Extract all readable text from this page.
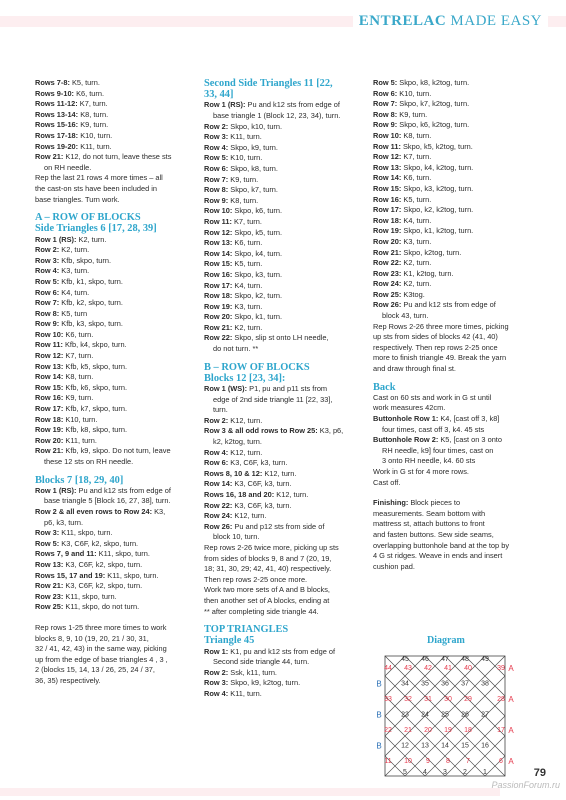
ENTRELAC MADE EASY
Rows 7-8: K5, turn.
Rows 9-10: K6, turn.
Rows 11-12: K7, turn.
Rows 13-14: K8, turn.
Rows 15-16: K9, turn.
Rows 17-18: K10, turn.
Rows 19-20: K11, turn.
Row 21: K12, do not turn, leave these sts
on RH needle.
Rep the last 21 rows 4 more times – all
the cast-on sts have been included in
base triangles. Turn work.
A – ROW OF BLOCKS
Side Triangles 6 [17, 28, 39]
Row 1 (RS): K2, turn.
Row 2: K2, turn.
Row 3: Kfb, skpo, turn.
Row 4: K3, turn.
Row 5: Kfb, k1, skpo, turn.
Row 6: K4, turn.
Row 7: Kfb, k2, skpo, turn.
Row 8: K5, turn
Row 9: Kfb, k3, skpo, turn.
Row 10: K6, turn.
Row 11: Kfb, k4, skpo, turn.
Row 12: K7, turn.
Row 13: Kfb, k5, skpo, turn.
Row 14: K8, turn.
Row 15: Kfb, k6, skpo, turn.
Row 16: K9, turn.
Row 17: Kfb, k7, skpo, turn.
Row 18: K10, turn.
Row 19: Kfb, k8, skpo, turn.
Row 20: K11, turn.
Row 21: Kfb, k9, skpo. Do not turn, leave
these 12 sts on RH needle.
Blocks 7 [18, 29, 40]
Row 1 (RS): Pu and k12 sts from edge of
base triangle 5 [Block 16, 27, 38], turn.
Row 2 & all even rows to Row 24: K3,
p6, k3, turn.
Row 3: K11, skpo, turn.
Row 5: K3, C6F, k2, skpo, turn.
Rows 7, 9 and 11: K11, skpo, turn.
Row 13: K3, C6F, k2, skpo, turn.
Rows 15, 17 and 19: K11, skpo, turn.
Row 21: K3, C6F, k2, skpo, turn.
Row 23: K11, skpo, turn.
Row 25: K11, skpo, do not turn.
Rep rows 1-25 three more times to work
blocks 8, 9, 10 (19, 20, 21 / 30, 31,
32 / 41, 42, 43) in the same way, picking
up from the edge of base triangles 4 , 3 ,
2 (blocks 15, 14, 13 / 26, 25, 24 / 37,
36, 35) respectively.
Second Side Triangles 11 [22,
33, 44]
Row 1 (RS): Pu and k12 sts from edge of
base triangle 1 (Block 12, 23, 34), turn.
Row 2: Skpo, k10, turn.
Row 3: K11, turn.
Row 4: Skpo, k9, turn.
Row 5: K10, turn.
Row 6: Skpo, k8, turn.
Row 7: K9, turn.
Row 8: Skpo, k7, turn.
Row 9: K8, turn.
Row 10: Skpo, k6, turn.
Row 11: K7, turn.
Row 12: Skpo, k5, turn.
Row 13: K6, turn.
Row 14: Skpo, k4, turn.
Row 15: K5, turn.
Row 16: Skpo, k3, turn.
Row 17: K4, turn.
Row 18: Skpo, k2, turn.
Row 19: K3, turn.
Row 20: Skpo, k1, turn.
Row 21: K2, turn.
Row 22: Skpo, slip st onto LH needle,
do not turn. **
B – ROW OF BLOCKS
Blocks 12 [23, 34]:
Row 1 (WS): P1, pu and p11 sts from
edge of 2nd side triangle 11 [22, 33],
turn.
Row 2: K12, turn.
Row 3 & all odd rows to Row 25: K3, p6,
k2, k2tog, turn.
Row 4: K12, turn.
Row 6: K3, C6F, k3, turn.
Rows 8, 10 & 12: K12, turn.
Row 14: K3, C6F, k3, turn.
Rows 16, 18 and 20: K12, turn.
Row 22: K3, C6F, k3, turn.
Row 24: K12, turn.
Row 26: Pu and p12 sts from side of
block 10, turn.
Rep rows 2-26 twice more, picking up sts
from sides of blocks 9, 8 and 7 (20, 19,
18; 31, 30, 29; 42, 41, 40) respectively.
Then rep rows 2-25 once more.
Work two more sets of A and B blocks,
then another set of A blocks, ending at
** after completing side triangle 44.
TOP TRIANGLES
Triangle 45
Row 1: K1, pu and k12 sts from edge of
Second side triangle 44, turn.
Row 2: Ssk, k11, turn.
Row 3: Skpo, k9, k2tog, turn.
Row 4: K11, turn.
Row 5: Skpo, k8, k2tog, turn.
Row 6: K10, turn.
Row 7: Skpo, k7, k2tog, turn.
Row 8: K9, turn.
Row 9: Skpo, k6, k2tog, turn.
Row 10: K8, turn.
Row 11: Skpo, k5, k2tog, turn.
Row 12: K7, turn.
Row 13: Skpo, k4, k2tog, turn.
Row 14: K6, turn.
Row 15: Skpo, k3, k2tog, turn.
Row 16: K5, turn.
Row 17: Skpo, k2, k2tog, turn.
Row 18: K4, turn.
Row 19: Skpo, k1, k2tog, turn.
Row 20: K3, turn.
Row 21: Skpo, k2tog, turn.
Row 22: K2, turn.
Row 23: K1, k2tog, turn.
Row 24: K2, turn.
Row 25: K3tog.
Row 26: Pu and k12 sts from edge of
block 43, turn.
Rep Rows 2-26 three more times, picking
up sts from sides of blocks 42 (41, 40)
respectively. Then rep rows 2-25 once
more to finish triangle 49. Break the yarn
and draw through final st.
Back
Cast on 60 sts and work in G st until
work measures 42cm.
Buttonhole Row 1: K4, [cast off 3, k8]
four times, cast off 3, k4. 45 sts
Buttonhole Row 2: K5, [cast on 3 onto
RH needle, k9] four times, cast on
3 onto RH needle, k4. 60 sts
Work in G st for 4 more rows.
Cast off.
Finishing: Block pieces to
measurements. Seam bottom with
mattress st, attach buttons to front
and fasten buttons. Sew side seams,
overlapping buttonhole band at the top by
4 G st ridges. Weave in ends and insert
cushion pad.
Diagram
45 46 47 48 49
44 43 42 41 40	39 A
34 35 36 37 38
B
33 32 31 30 29	28 A
23 24 25 26 27
B
22 21 20 19 18	17 A
12 13 14 15 16
B
11 10 9 8 7	6 A
5 4 3 2 1	79
PassionForum.ru
